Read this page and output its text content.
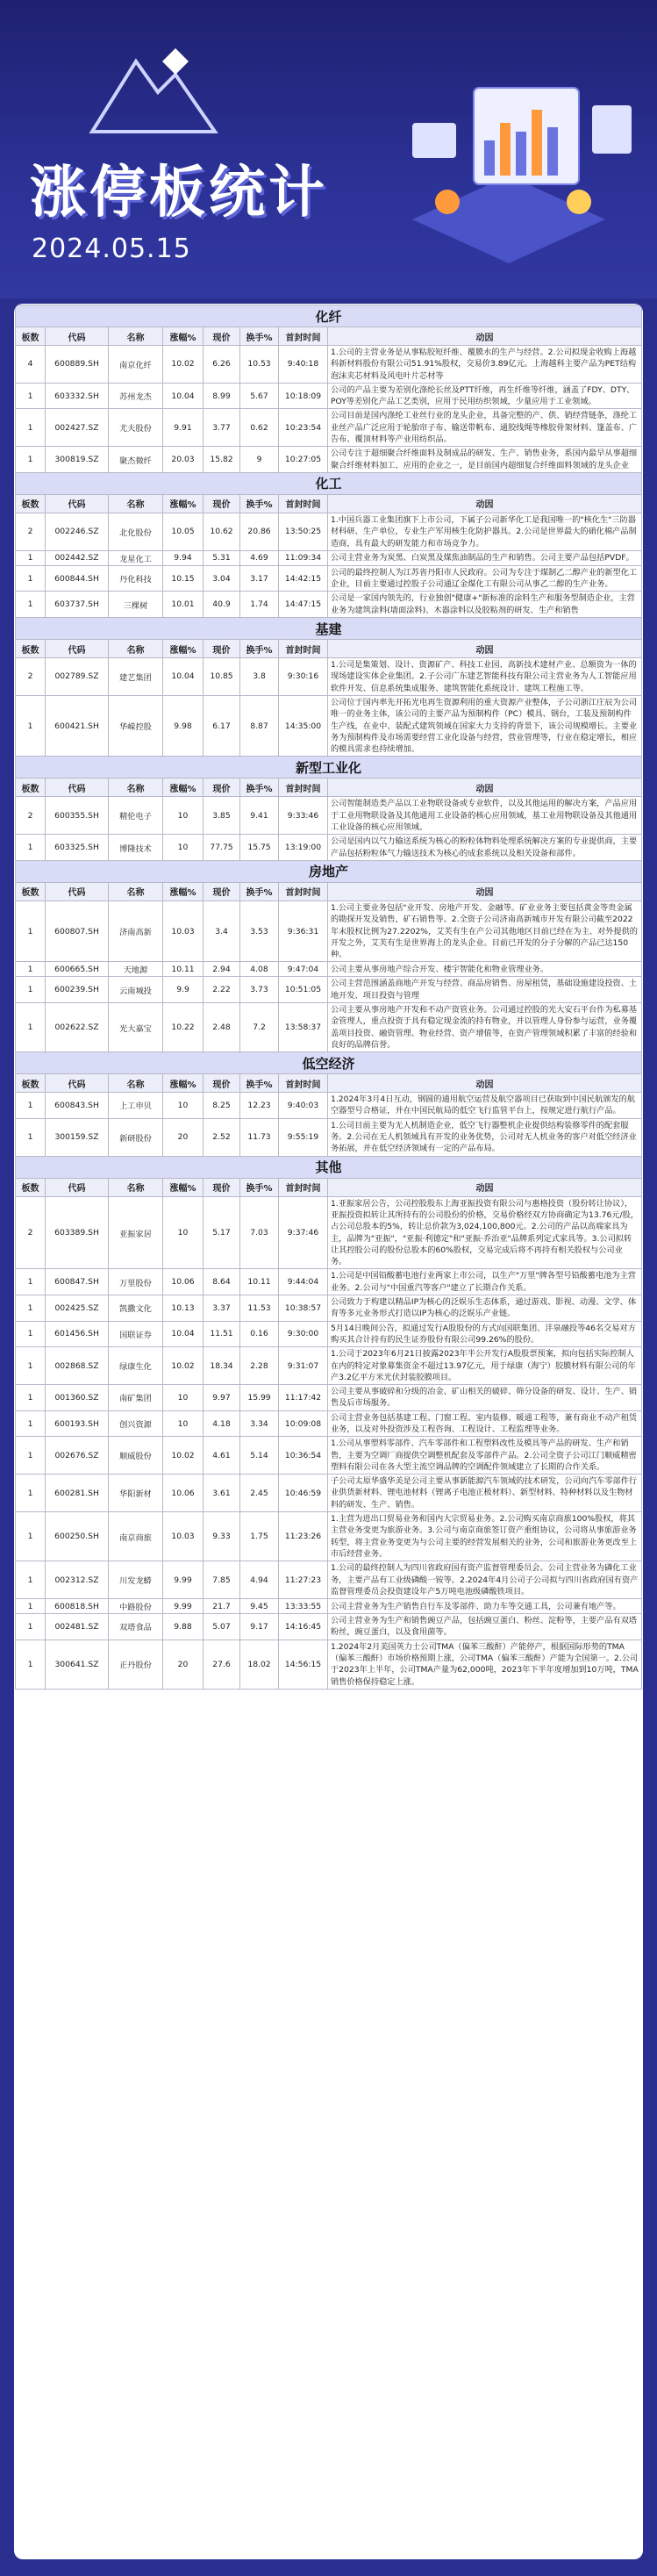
涨停板统计
2024.05.15
化纤							
板数	代码	名称	涨幅%	现价	换手%	首封时间	动因
4	600889.SH	南京化纤	10.02	6.26	10.53	9:40:18	1.公司的主营业务是从事粘胶短纤维、覆膜水的生产与经营。2.公司拟现金收购上海越科新材料股份有限公司51.91%股权，交易价3.89亿元。上海越科主要产品为PET结构泡沫夹芯材料及风电叶片芯材等
1	603332.SH	苏州龙杰	10.04	8.99	5.67	10:18:09	公司的产品主要为差别化涤纶长丝及PTT纤维，再生纤维等纤维，涵盖了FDY、DTY、POY等差别化产品工艺类别，应用于民用纺织领域，少量应用于工业领域。
1	002427.SZ	尤夫股份	9.91	3.77	0.62	10:23:54	公司目前是国内涤纶工业丝行业的龙头企业，具备完整的产、供、销经营链条，涤纶工业丝产品广泛应用于轮胎帘子布、输送带帆布、通胶线绳等橡胶骨架材料、篷盖布、广告布、覆顶材料等产业用纺织品。
1	300819.SZ	聚杰微纤	20.03	15.82	9	10:27:05	公司专注于超细聚合纤维面料及制成品的研发、生产、销售业务，系国内最早从事超细聚合纤维材料加工、应用的企业之一，是目前国内超细复合纤维面料领域的龙头企业
化工							
板数	代码	名称	涨幅%	现价	换手%	首封时间	动因
2	002246.SZ	北化股份	10.05	10.62	20.86	13:50:25	1.中国兵器工业集团旗下上市公司，下属子公司新华化工是我国唯一的"核化生"三防器材科研、生产单位，专业生产军用核生化防护器具。2.公司是世界最大的硝化棉产品制造商，具有最大的研发能力和市场竞争力。
1	002442.SZ	龙星化工	9.94	5.31	4.69	11:09:34	公司主营业务为炭黑、白炭黑及煤焦油制品的生产和销售。公司主要产品包括PVDF。
1	600844.SH	丹化科技	10.15	3.04	3.17	14:42:15	公司的最终控制人为江苏省丹阳市人民政府。公司为专注于煤制乙二醇产业的新型化工企业，目前主要通过控股子公司通辽金煤化工有限公司从事乙二醇的生产业务。
1	603737.SH	三棵树	10.01	40.9	1.74	14:47:15	公司是一家国内领先的，行业独创"健康+"新标准的涂料生产和服务型制造企业，主营业务为建筑涂料(墙面涂料)、木器涂料以及胶粘剂的研发、生产和销售
基建							
板数	代码	名称	涨幅%	现价	换手%	首封时间	动因
2	002789.SZ	建艺集团	10.04	10.85	3.8	9:30:16	1.公司是集策划、设计、资源矿产、科技工业园、高新技术建材产业、总额资为一体的现场建设实体企业集团。2.子公司广东建艺智能科技有限公司主营业务为人工智能应用软件开发、信息系统集成服务、建筑智能化系统设计、建筑工程施工等。
1	600421.SH	华嵘控股	9.98	6.17	8.87	14:35:00	公司位于国内率先开拓光电再生资源利用的重大资源产业整体，子公司浙江庄辰为公司唯一的业务主体，该公司的主要产品为预制构件（PC）模具、钢台，工装及预制构件生产线，在业中、装配式建筑领域在国家大力支持的背景下，该公司规模增长。主要业务为预制构件及市场需要经营工业化设备与经营，营业管理等，行业在稳定增长，相应的模具需求也持续增加。
新型工业化							
板数	代码	名称	涨幅%	现价	换手%	首封时间	动因
2	600355.SH	精伦电子	10	3.85	9.41	9:33:46	公司智能制造类产品以工业物联设备或专业软件，以及其他运用的解决方案，产品应用于工业用物联设备及其他通用工业设备的核心应用领域，基工业用物联设备及其他通用工业设备的核心应用领域。
1	603325.SH	博隆技术	10	77.75	15.75	13:19:00	公司是国内以气力输送系统为核心的粉粒体物料处理系统解决方案的专业提供商，主要产品包括粉粒体气力输送技术为核心的成套系统以及相关设备和部件。
房地产							
板数	代码	名称	涨幅%	现价	换手%	首封时间	动因
1	600807.SH	济南高新	10.03	3.4	3.53	9:36:31	1.公司主要业务包括"业开发、房地产开发、金融等。矿业业务主要包括黄金等贵金属的勘探开发及销售，矿石销售等。2.全资子公司济南高新城市开发有限公司截至2022年末股权比例为27.2202%，艾芙有生在产公司其他地区目前已经在为主、对外提供的开发之外，艾芙有生是世界海上的龙头企业。目前已开发的分子分解的产品已达150种。
1	600665.SH	天地源	10.11	2.94	4.08	9:47:04	公司主要从事房地产综合开发、楼宇智能化和物业管理业务。
1	600239.SH	云南城投	9.9	2.22	3.73	10:51:05	公司主营范围涵盖商地产开发与经营、商品房销售、房屋租赁，基础设施建设投资、土地开发、项目投资与管理
1	002622.SZ	光大嘉宝	10.22	2.48	7.2	13:58:37	公司主要从事房地产开发和不动产资管业务。公司通过控股的光大安石平台作为私募基金管理人，重点投资于具有稳定现金流的持有物业，并以管理人身份参与运营，业务覆盖项目投资、融资管理、物业经营、资产增值等，在资产管理领域积累了丰富的经验和良好的品牌信誉。
低空经济							
板数	代码	名称	涨幅%	现价	换手%	首封时间	动因
1	600843.SH	上工申贝	10	8.25	12.23	9:40:03	1.2024年3月4日互动，钢圆的通用航空运营及航空器项目已获取到中国民航颁发的航空器型号合格证，并在中国民航局的低空飞行监管平台上，按规定进行航行产品。
1	300159.SZ	新研股份	20	2.52	11.73	9:55:19	1.公司目前主要为无人机制造企业，低空飞行器整机企业提供结构装修零件的配套服务。2.公司在无人机领域具有开发的业务优势，公司对无人机业务的客户对低空经济业务拓展，并在低空经济领域有一定的产品布局。
其他							
板数	代码	名称	涨幅%	现价	换手%	首封时间	动因
2	603389.SH	亚振家居	10	5.17	7.03	9:37:46	1.亚振家居公告，公司控股股东上海亚振投资有限公司与惠格投资（股份转让协议），亚振投资拟转让其所持有的公司股份的价格，交易价格经双方协商确定为13.76元/股，占公司总股本的5%，转让总价款为3,024,100,800元。2.公司的产品以高端家具为主，品牌为"亚振"，"亚振·利德定"和"亚振·乔治亚"品牌系列定式家具等。3.公司拟转让其控股公司的股份总股本的60%股权，交易完成后将不再持有相关股权与公司业务。
1	600847.SH	万里股份	10.06	8.64	10.11	9:44:04	1.公司是中国铅酸蓄电池行业两家上市公司，以生产"万里"牌各型号铅酸蓄电池为主营业务。2.公司与"中国重汽等客户"建立了长期合作关系。
1	002425.SZ	凯撒文化	10.13	3.37	11.53	10:38:57	公司致力于构建以精品IP为核心的泛娱乐生态体系，通过游戏、影视、动漫、文学、体育等多元业务形式打造以IP为核心的泛娱乐产业链。
1	601456.SH	国联证券	10.04	11.51	0.16	9:30:00	5月14日晚间公告，拟通过发行A股股份的方式向国联集团、沣泉融投等46名交易对方购买其合计持有的民生证券股份有限公司99.26%的股份。
1	002868.SZ	绿康生化	10.02	18.34	2.28	9:31:07	1.公司于2023年6月21日披露2023年半公开发行A股股票预案，拟向包括实际控制人在内的特定对象募集资金不超过13.97亿元，用于绿康（海宁）胶膜材料有限公司的年产3.2亿平方米光伏封装胶膜项目。
1	001360.SZ	南矿集团	10	9.97	15.99	11:17:42	公司主要从事破碎和分级的冶金、矿山相关的破碎、筛分设备的研发、设计、生产、销售及后市场服务。
1	600193.SH	创兴资源	10	4.18	3.34	10:09:08	公司主营业务包括基建工程、门窗工程、室内装修、暖通工程等，兼有商业不动产租赁业务，以及对外投资涉及工程咨询、工程设计、工程监理等业务。
1	002676.SZ	顺威股份	10.02	4.61	5.14	10:36:54	1.公司从事塑料零部件、汽车零部件和工程塑料改性及模具等产品的研发、生产和销售，主要为空调厂商提供空调整机配套及零部件产品。2.公司全资子公司江门顺威精密塑料有限公司在各大型主流空调品牌的空调配件领域建立了长期的合作关系。
1	600281.SH	华阳新材	10.06	3.61	2.45	10:46:59	子公司太原华盛华美是公司主要从事新能源汽车领域的技术研发，公司向汽车零部件行业供货新材料、锂电池材料（锂离子电池正极材料）、新型材料、特种材料以及生物材料的研发、生产、销售。
1	600250.SH	南京商旅	10.03	9.33	1.75	11:23:26	1.主营为进出口贸易业务和国内大宗贸易业务。2.公司购买南京商旅100%股权，将其主营业务变更为旅游业务。3.公司与南京商旅签订资产重组协议，公司将从事旅游业务转型，将主营业务变更为与公司主要的经营发展相关的业务，公司和旅游业务更改至上市后经营业务。
1	002312.SZ	川发龙蟒	9.99	7.85	4.94	11:27:23	1.公司的最终控制人为四川省政府国有资产监督管理委员会。公司主营业务为磷化工业务，主要产品有工业级磷酸一铵等。2.2024年4月公司子公司拟与四川省政府国有资产监督管理委员会投资建设年产5万吨电池级磷酸铁项目。
1	600818.SH	中路股份	9.99	21.7	9.45	13:33:55	公司主营业务为生产销售自行车及零部件、助力车等交通工具，公司兼有地产等。
1	002481.SZ	双塔食品	9.88	5.07	9.17	14:16:45	公司主营业务为生产和销售豌豆产品，包括豌豆蛋白、粉丝、淀粉等，主要产品有双塔粉丝，豌豆蛋白，以及食用菌等。
1	300641.SZ	正丹股份	20	27.6	18.02	14:56:15	1.2024年2月美国英力士公司TMA（偏苯三酸酐）产能停产，根据国际形势的TMA（偏苯三酸酐）市场价格预期上涨，公司TMA（偏苯三酸酐）产能为全国第一。2.公司于2023年上半年，公司TMA产量为62,000吨，2023年下半年度增加到10万吨，TMA销售价格保持稳定上涨。
